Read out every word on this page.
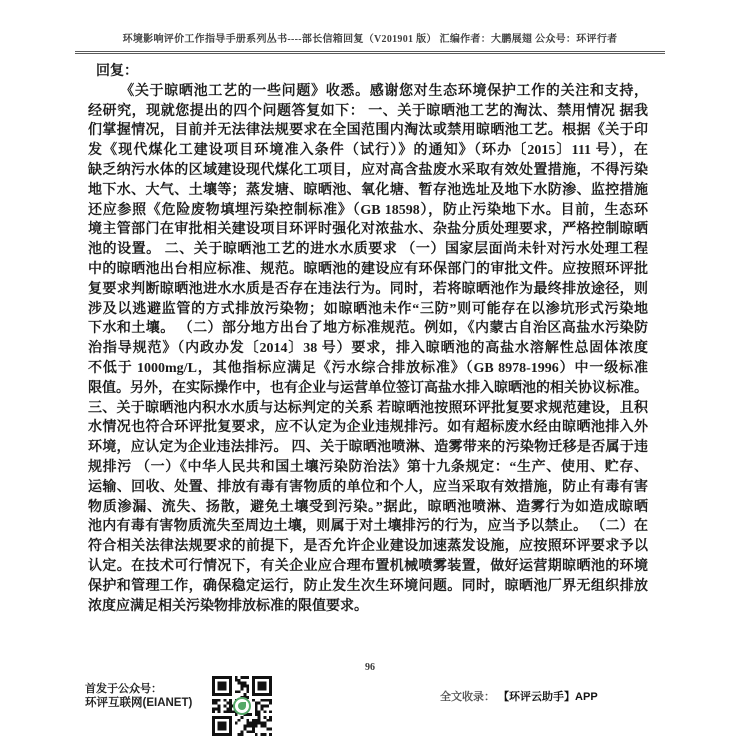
环境影响评价工作指导手册系列丛书----部长信箱回复（V201901 版） 汇编作者：大鹏展翅 公众号：环评行者
回复：
《关于晾晒池工艺的一些问题》收悉。感谢您对生态环境保护工作的关注和支持，
经研究，现就您提出的四个问题答复如下： 一、关于晾晒池工艺的淘汰、禁用情况 据我
们掌握情况，目前并无法律法规要求在全国范围内淘汰或禁用晾晒池工艺。根据《关于印
发《现代煤化工建设项目环境准入条件（试行）》的通知》（环办〔2015〕111 号），在
缺乏纳污水体的区域建设现代煤化工项目，应对高含盐废水采取有效处置措施，不得污染
地下水、大气、土壤等；蒸发塘、晾晒池、氧化塘、暂存池选址及地下水防渗、监控措施
还应参照《危险废物填埋污染控制标准》（GB 18598），防止污染地下水。目前，生态环
境主管部门在审批相关建设项目环评时强化对浓盐水、杂盐分质处理要求，严格控制晾晒
池的设置。 二、关于晾晒池工艺的进水水质要求 （一）国家层面尚未针对污水处理工程
中的晾晒池出台相应标准、规范。晾晒池的建设应有环保部门的审批文件。应按照环评批
复要求判断晾晒池进水水质是否存在违法行为。同时，若将晾晒池作为最终排放途径，则
涉及以逃避监管的方式排放污染物；如晾晒池未作“三防”则可能存在以渗坑形式污染地
下水和土壤。 （二）部分地方出台了地方标准规范。例如，《内蒙古自治区高盐水污染防
治指导规范》（内政办发〔2014〕38 号）要求，排入晾晒池的高盐水溶解性总固体浓度
不低于 1000mg/L，其他指标应满足《污水综合排放标准》（GB 8978-1996）中一级标准
限值。另外，在实际操作中，也有企业与运营单位签订高盐水排入晾晒池的相关协议标准。
三、关于晾晒池内积水水质与达标判定的关系 若晾晒池按照环评批复要求规范建设，且积
水情况也符合环评批复要求，应不认定为企业违规排污。如有超标废水经由晾晒池排入外
环境，应认定为企业违法排污。 四、关于晾晒池喷淋、造雾带来的污染物迁移是否属于违
规排污 （一）《中华人民共和国土壤污染防治法》第十九条规定：“生产、使用、贮存、
运输、回收、处置、排放有毒有害物质的单位和个人，应当采取有效措施，防止有毒有害
物质渗漏、流失、扬散，避免土壤受到污染。”据此，晾晒池喷淋、造雾行为如造成晾晒
池内有毒有害物质流失至周边土壤，则属于对土壤排污的行为，应当予以禁止。 （二）在
符合相关法律法规要求的前提下，是否允许企业建设加速蒸发设施，应按照环评要求予以
认定。在技术可行情况下，有关企业应合理布置机械喷雾装置，做好运营期晾晒池的环境
保护和管理工作，确保稳定运行，防止发生次生环境问题。同时，晾晒池厂界无组织排放
浓度应满足相关污染物排放标准的限值要求。
96
首发于公众号：
环评互联网(EIANET)	全文收录： 【环评云助手】APP
